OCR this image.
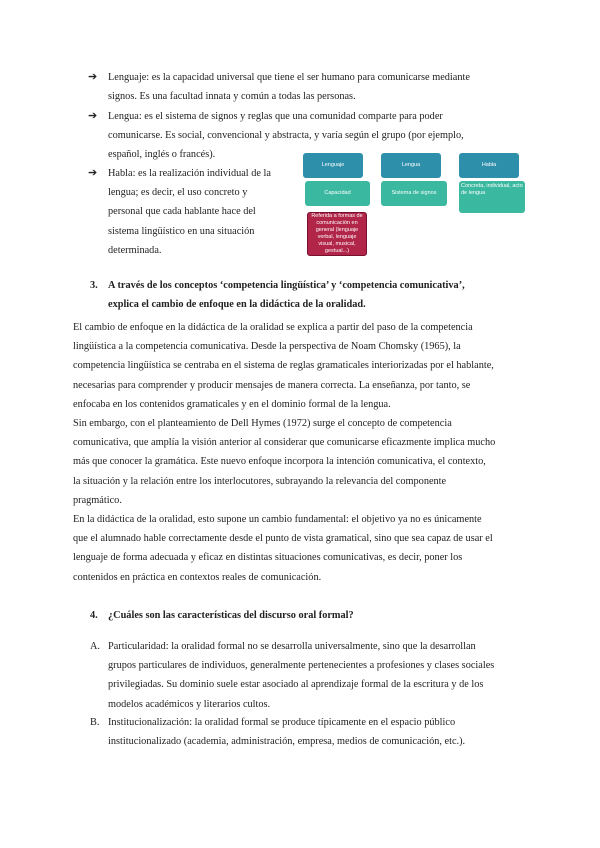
➔ Lenguaje: es la capacidad universal que tiene el ser humano para comunicarse mediante
signos. Es una facultad innata y común a todas las personas.
➔ Lengua: es el sistema de signos y reglas que una comunidad comparte para poder
comunicarse. Es social, convencional y abstracta, y varía según el grupo (por ejemplo,
español, inglés o francés).
➔ Habla: es la realización individual de la
lengua; es decir, el uso concreto y
personal que cada hablante hace del
sistema lingüístico en una situación
determinada.
Lenguaje	Lengua	Habla
Capacidad	Sistema de signos
Concreta, individual, acto de lengua
Referida a formas de comunicación en general (lenguaje verbal, lenguaje visual, musical, gestual...)
3. A través de los conceptos ‘competencia lingüística’ y ‘competencia comunicativa’,
explica el cambio de enfoque en la didáctica de la oralidad.
El cambio de enfoque en la didáctica de la oralidad se explica a partir del paso de la competencia
lingüística a la competencia comunicativa. Desde la perspectiva de Noam Chomsky (1965), la
competencia lingüística se centraba en el sistema de reglas gramaticales interiorizadas por el hablante,
necesarias para comprender y producir mensajes de manera correcta. La enseñanza, por tanto, se
enfocaba en los contenidos gramaticales y en el dominio formal de la lengua.
Sin embargo, con el planteamiento de Dell Hymes (1972) surge el concepto de competencia
comunicativa, que amplía la visión anterior al considerar que comunicarse eficazmente implica mucho
más que conocer la gramática. Este nuevo enfoque incorpora la intención comunicativa, el contexto,
la situación y la relación entre los interlocutores, subrayando la relevancia del componente
pragmático.
En la didáctica de la oralidad, esto supone un cambio fundamental: el objetivo ya no es únicamente
que el alumnado hable correctamente desde el punto de vista gramatical, sino que sea capaz de usar el
lenguaje de forma adecuada y eficaz en distintas situaciones comunicativas, es decir, poner los
contenidos en práctica en contextos reales de comunicación.
4. ¿Cuáles son las características del discurso oral formal?
A. Particularidad: la oralidad formal no se desarrolla universalmente, sino que la desarrollan
grupos particulares de individuos, generalmente pertenecientes a profesiones y clases sociales
privilegiadas. Su dominio suele estar asociado al aprendizaje formal de la escritura y de los
modelos académicos y literarios cultos.
B. Institucionalización: la oralidad formal se produce típicamente en el espacio público
institucionalizado (academia, administración, empresa, medios de comunicación, etc.).
